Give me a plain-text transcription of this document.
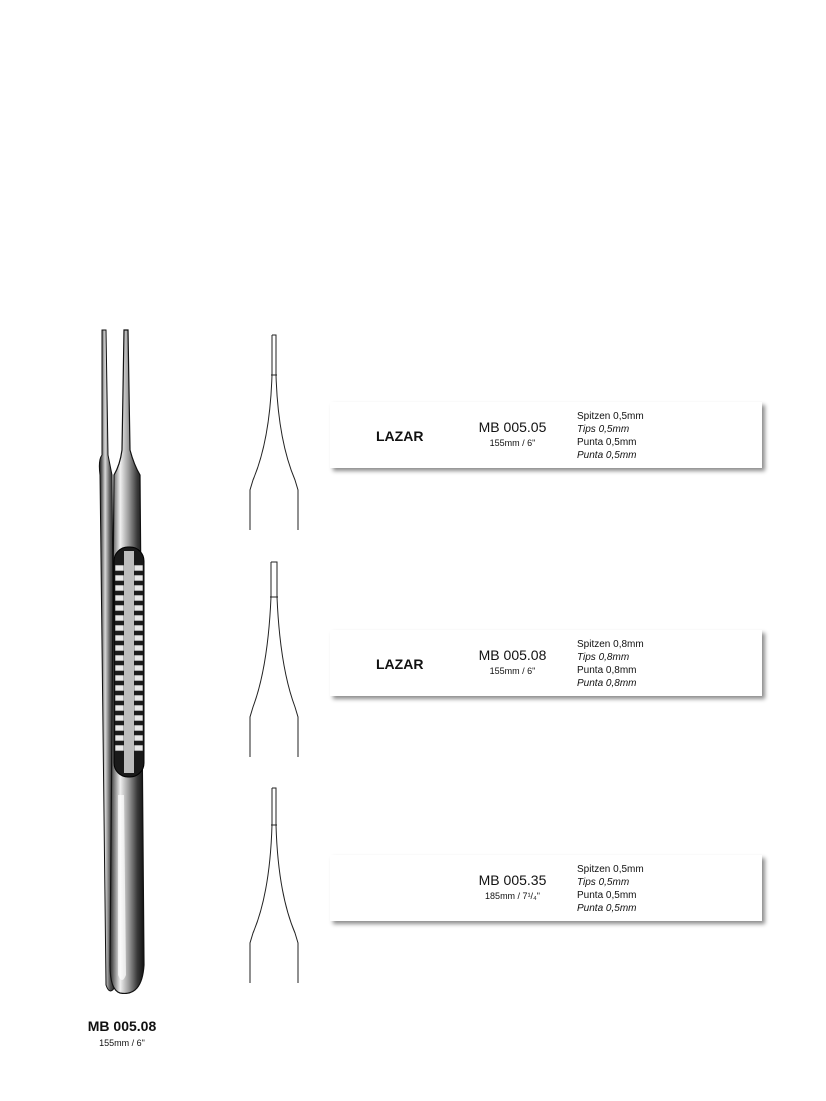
MB 005.08
155mm / 6"
LAZAR
MB 005.05
155mm / 6"
Spitzen 0,5mm
Tips 0,5mm
Punta 0,5mm
Punta 0,5mm
LAZAR
MB 005.08
155mm / 6"
Spitzen 0,8mm
Tips 0,8mm
Punta 0,8mm
Punta 0,8mm
MB 005.35
185mm / 7¹/₄"
Spitzen 0,5mm
Tips 0,5mm
Punta 0,5mm
Punta 0,5mm
